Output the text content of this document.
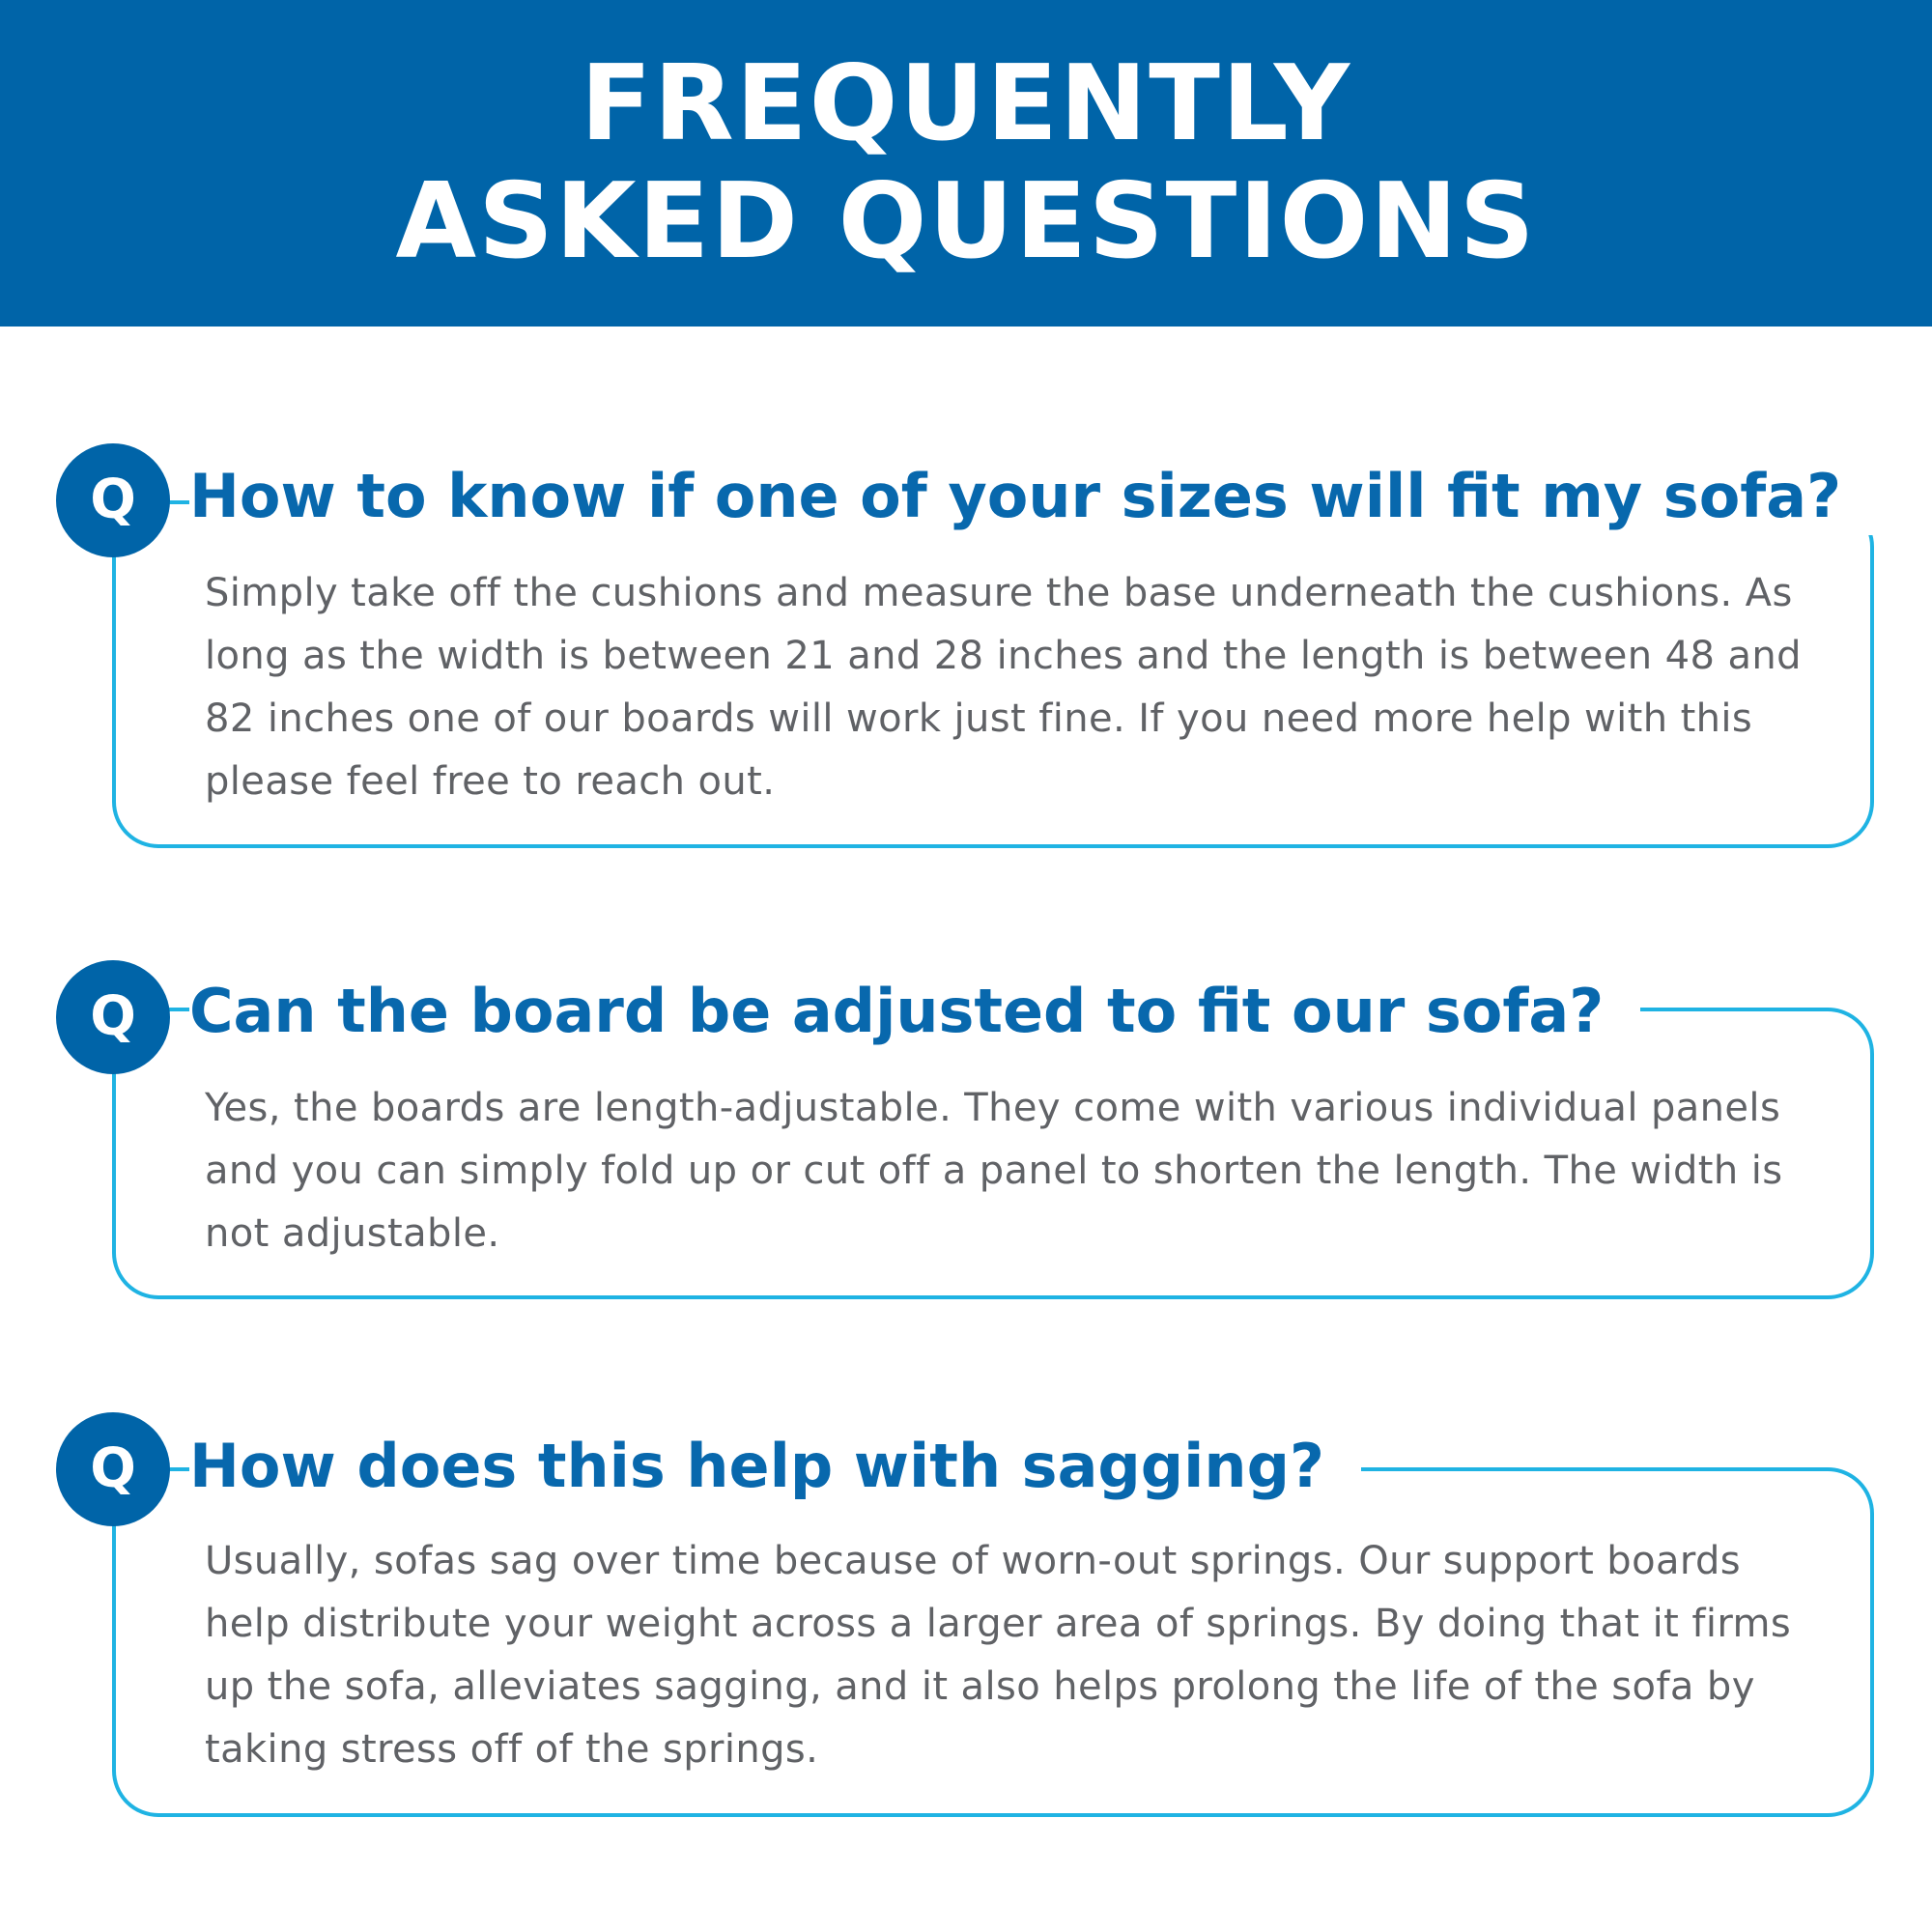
FREQUENTLY
ASKED QUESTIONS
How to know if one of your sizes will fit my sofa?
Q
Simply take off the cushions and measure the base underneath the cushions. As long as the width is between 21 and 28 inches and the length is between 48 and 82 inches one of our boards will work just fine. If you need more help with this please feel free to reach out.
Can the board be adjusted to fit our sofa?
Q
Yes, the boards are length-adjustable. They come with various individual panels and you can simply fold up or cut off a panel to shorten the length. The width is not adjustable.
How does this help with sagging?
Q
Usually, sofas sag over time because of worn-out springs. Our support boards help distribute your weight across a larger area of springs. By doing that it firms up the sofa, alleviates sagging, and it also helps prolong the life of the sofa by taking stress off of the springs.
